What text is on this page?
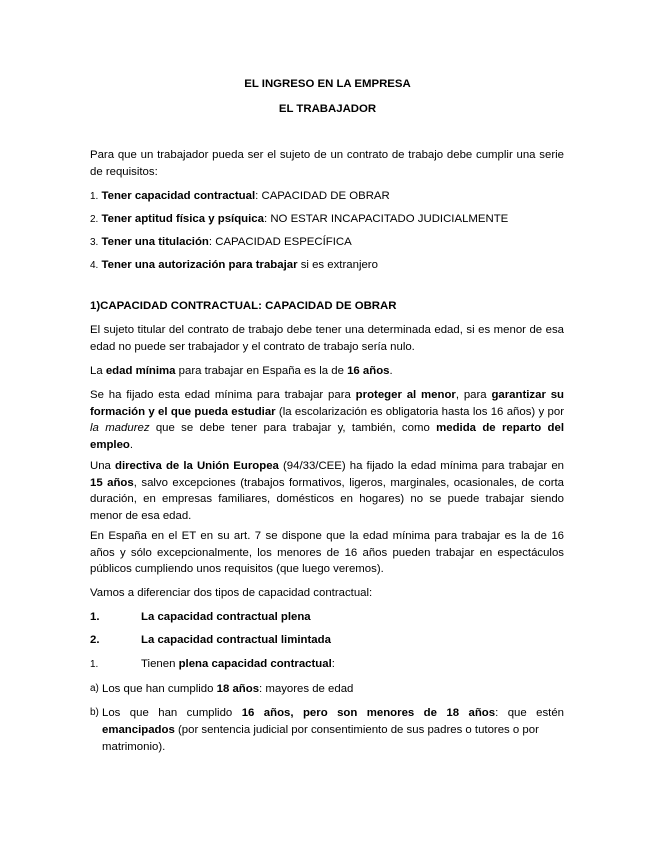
EL INGRESO EN LA EMPRESA
EL TRABAJADOR

Para que un trabajador pueda ser el sujeto de un contrato de trabajo debe cumplir una serie de requisitos:

1. Tener capacidad contractual: CAPACIDAD DE OBRAR
2. Tener aptitud física y psíquica: NO ESTAR INCAPACITADO JUDICIALMENTE
3. Tener una titulación: CAPACIDAD ESPECÍFICA
4. Tener una autorización para trabajar si es extranjero
1)CAPACIDAD CONTRACTUAL: CAPACIDAD DE OBRAR

El sujeto titular del contrato de trabajo debe tener una determinada edad, si es menor de esa edad no puede ser trabajador y el contrato de trabajo sería nulo.

La edad mínima para trabajar en España es la de 16 años.

Se ha fijado esta edad mínima para trabajar para proteger al menor, para garantizar su formación y el que pueda estudiar (la escolarización es obligatoria hasta los 16 años) y por la madurez que se debe tener para trabajar y, también, como medida de reparto del empleo.

Una directiva de la Unión Europea (94/33/CEE) ha fijado la edad mínima para trabajar en 15 años, salvo excepciones (trabajos formativos, ligeros, marginales, ocasionales, de corta duración, en empresas familiares, domésticos en hogares) no se puede trabajar siendo menor de esa edad.

En España en el ET en su art. 7 se dispone que la edad mínima para trabajar es la de 16 años y sólo excepcionalmente, los menores de 16 años pueden trabajar en espectáculos públicos cumpliendo unos requisitos (que luego veremos).

Vamos a diferenciar dos tipos de capacidad contractual:

1.	La capacidad contractual plena
2.	La capacidad contractual limintada
1.	Tienen plena capacidad contractual:
a) Los que han cumplido 18 años: mayores de edad
b) Los que han cumplido 16 años, pero son menores de 18 años: que estén
emancipados (por sentencia judicial por consentimiento de sus padres o tutores o por matrimonio).
